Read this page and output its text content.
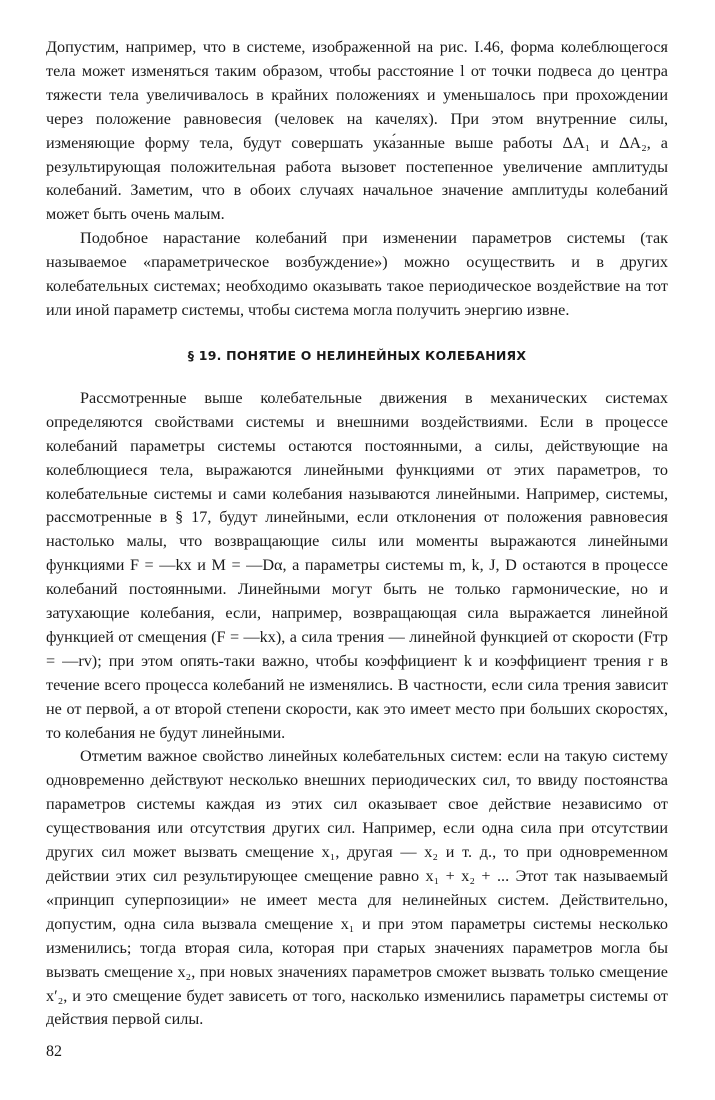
Допустим, например, что в системе, изображенной на рис. I.46, форма колеблющегося тела может изменяться таким образом, чтобы расстояние l от точки подвеса до центра тяжести тела увеличивалось в крайних положениях и уменьшалось при прохождении через положение равновесия (человек на качелях). При этом внутренние силы, изменяющие форму тела, будут совершать ука́занные выше работы ΔA₁ и ΔA₂, а результирующая положительная работа вызовет постепенное увеличение амплитуды колебаний. Заметим, что в обоих случаях начальное значение амплитуды колебаний может быть очень малым.

Подобное нарастание колебаний при изменении параметров системы (так называемое «параметрическое возбуждение») можно осуществить и в других колебательных системах; необходимо оказывать такое периодическое воздействие на тот или иной параметр системы, чтобы система могла получить энергию извне.

§ 19. ПОНЯТИЕ О НЕЛИНЕЙНЫХ КОЛЕБАНИЯХ

Рассмотренные выше колебательные движения в механических системах определяются свойствами системы и внешними воздействиями. Если в процессе колебаний параметры системы остаются постоянными, а силы, действующие на колеблющиеся тела, выражаются линейными функциями от этих параметров, то колебательные системы и сами колебания называются линейными. Например, системы, рассмотренные в § 17, будут линейными, если отклонения от положения равновесия настолько малы, что возвращающие силы или моменты выражаются линейными функциями F = —kx и M = —Dα, а параметры системы m, k, J, D остаются в процессе колебаний постоянными. Линейными могут быть не только гармонические, но и затухающие колебания, если, например, возвращающая сила выражается линейной функцией от смещения (F = —kx), а сила трения — линейной функцией от скорости (Fтр = —rv); при этом опять-таки важно, чтобы коэффициент k и коэффициент трения r в течение всего процесса колебаний не изменялись. В частности, если сила трения зависит не от первой, а от второй степени скорости, как это имеет место при больших скоростях, то колебания не будут линейными.

Отметим важное свойство линейных колебательных систем: если на такую систему одновременно действуют несколько внешних периодических сил, то ввиду постоянства параметров системы каждая из этих сил оказывает свое действие независимо от существования или отсутствия других сил. Например, если одна сила при отсутствии других сил может вызвать смещение x₁, другая — x₂ и т. д., то при одновременном действии этих сил результирующее смещение равно x₁ + x₂ + ... Этот так называемый «принцип суперпозиции» не имеет места для нелинейных систем. Действительно, допустим, одна сила вызвала смещение x₁ и при этом параметры системы несколько изменились; тогда вторая сила, которая при старых значениях параметров могла бы вызвать смещение x₂, при новых значениях параметров сможет вызвать только смещение x′₂, и это смещение будет зависеть от того, насколько изменились параметры системы от действия первой силы.

82
